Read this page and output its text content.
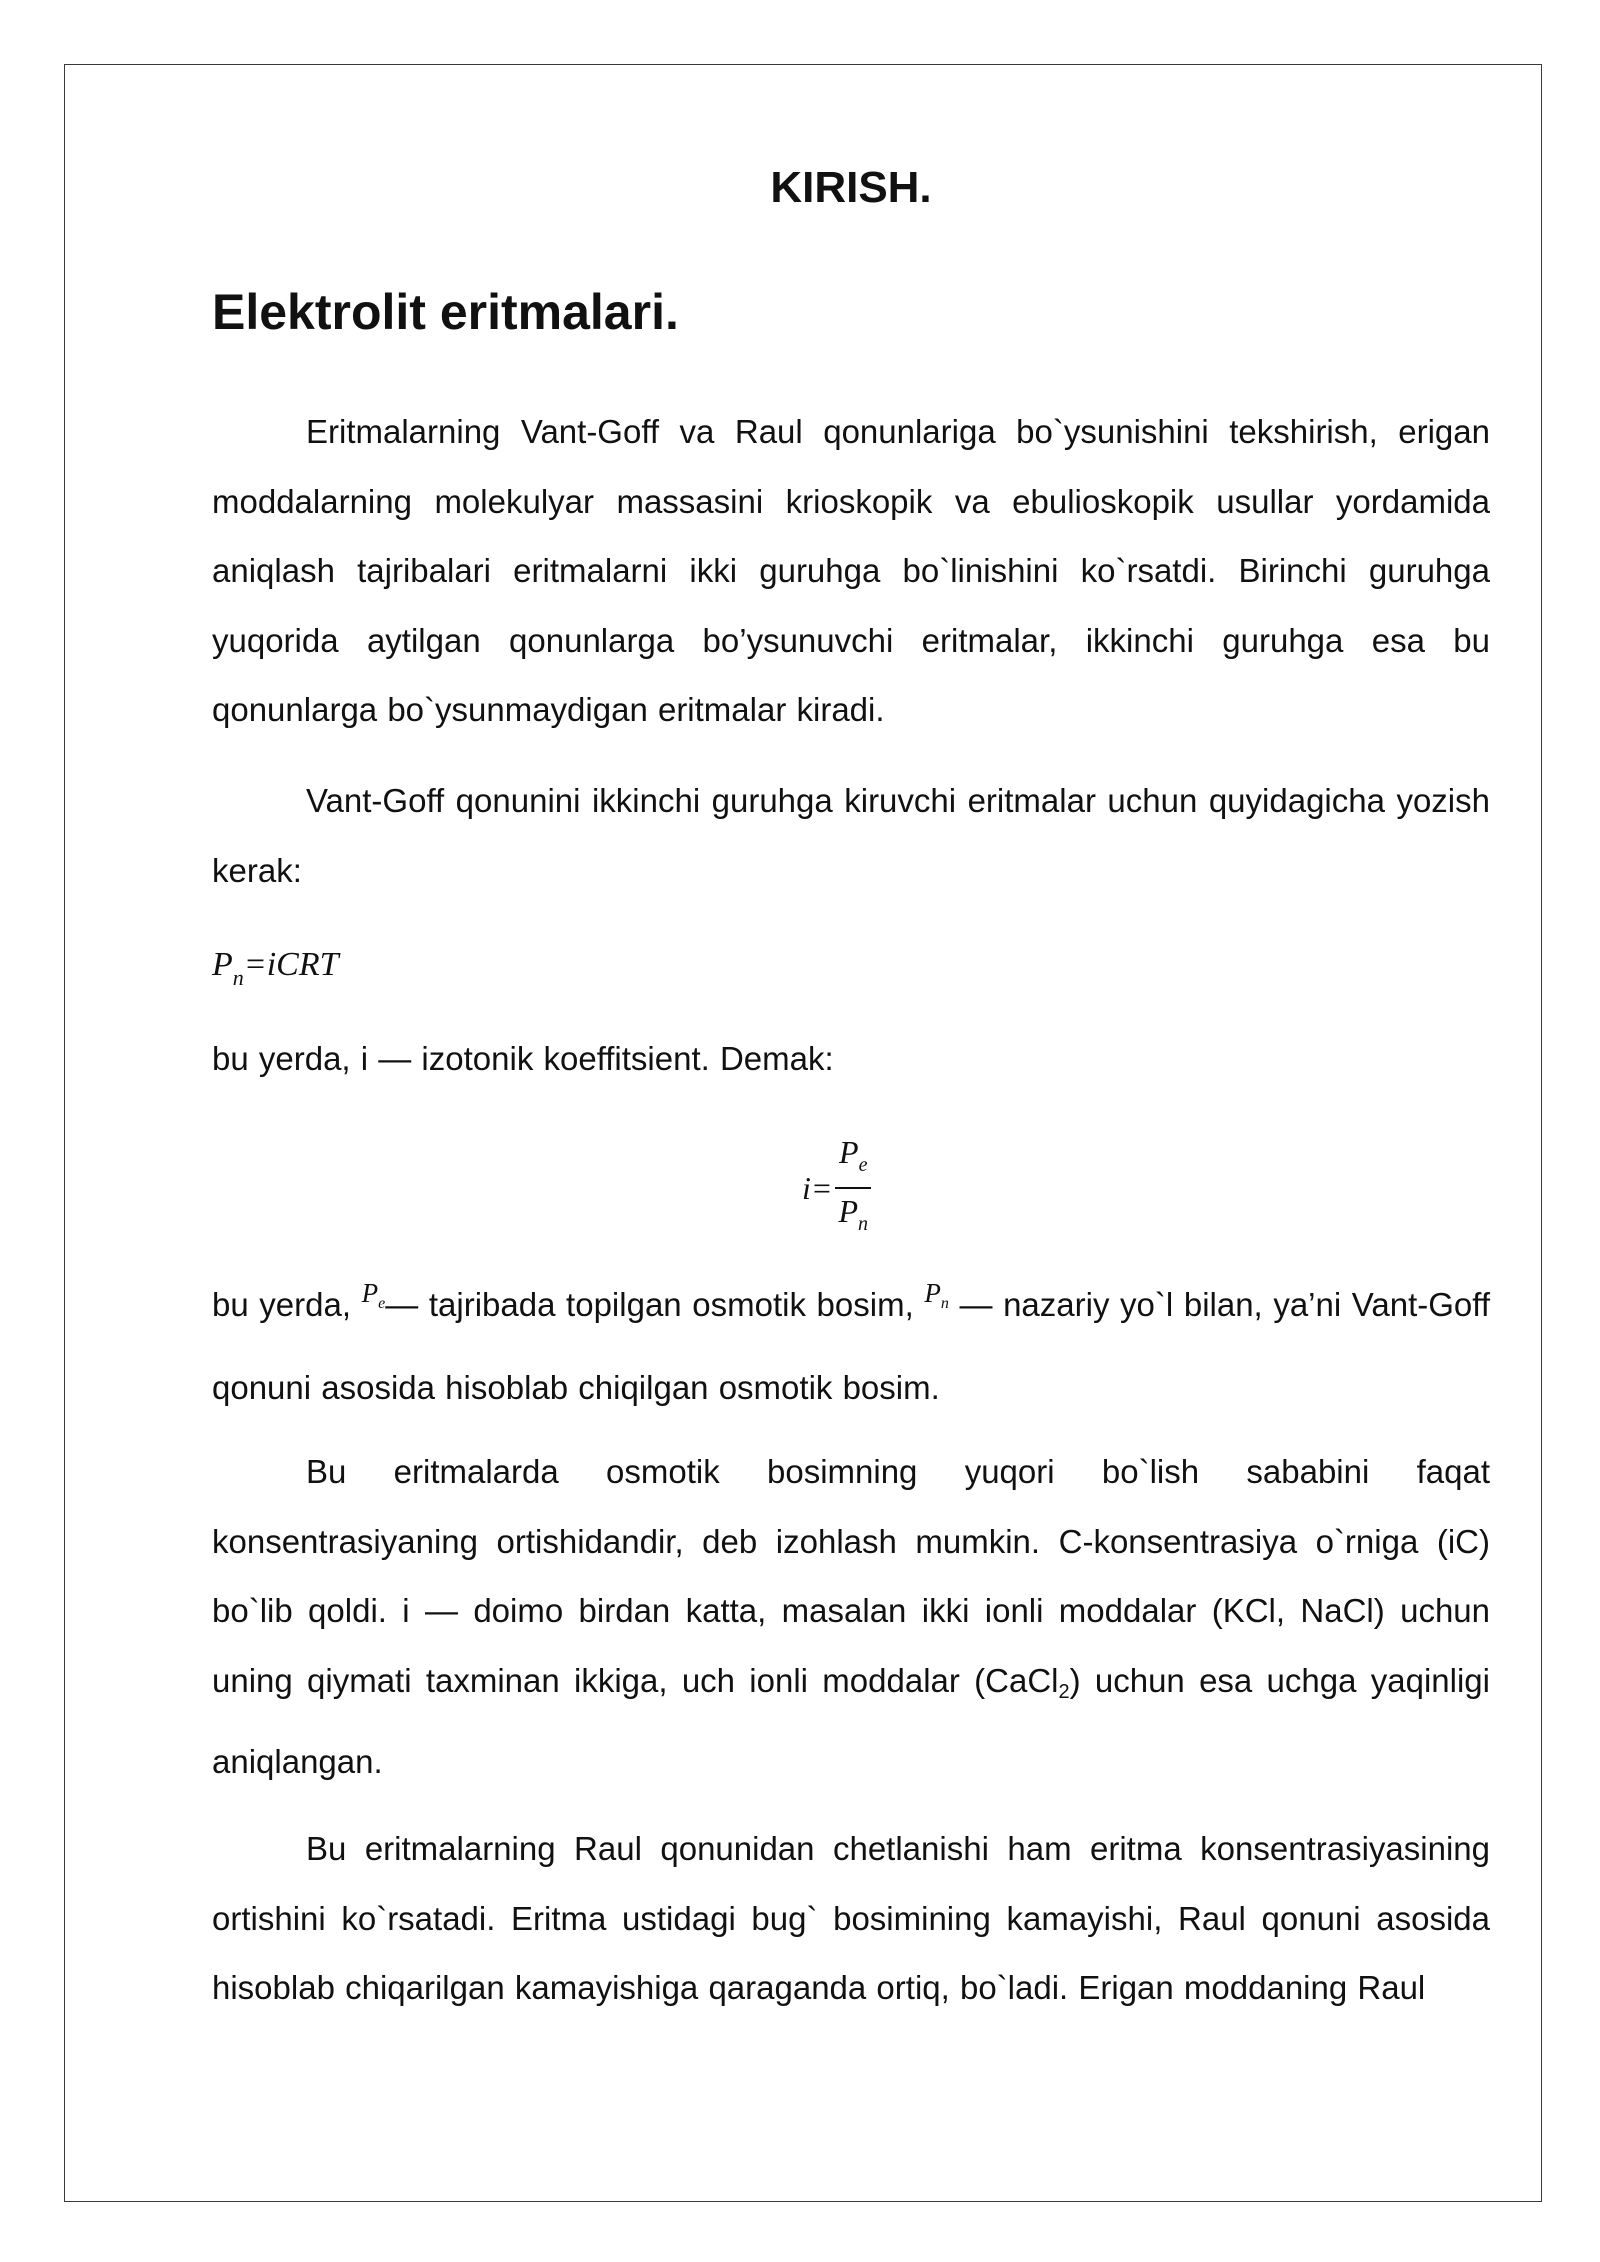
KIRISH.
Elektrolit eritmalari.

Eritmalarning Vant-Goff va Raul qonunlariga bo`ysunishini tekshirish, erigan moddalarning molekulyar massasini krioskopik va ebulioskopik usullar yordamida aniqlash tajribalari eritmalarni ikki guruhga bo`linishini ko`rsatdi. Birinchi guruhga yuqorida aytilgan qonunlarga bo’ysunuvchi eritmalar, ikkinchi guruhga esa bu qonunlarga bo`ysunmaydigan eritmalar kiradi.

Vant-Goff qonunini ikkinchi guruhga kiruvchi eritmalar uchun quyidagicha yozish kerak:

$P_n=iCRT$

bu yerda, i — izotonik koeffitsient. Demak:

$i= \frac{P_e}{P_n}$

bu yerda, $^{P_e}$— tajribada topilgan osmotik bosim, $^{P_n}$ — nazariy yo`l bilan, ya’ni Vant-Goff qonuni asosida hisoblab chiqilgan osmotik bosim.

Bu eritmalarda osmotik bosimning yuqori bo`lish sababini faqat konsentrasiyaning ortishidandir, deb izohlash mumkin. C-konsentrasiya o`rniga (iC) bo`lib qoldi. i — doimo birdan katta, masalan ikki ionli moddalar (KCl, NaCl) uchun uning qiymati taxminan ikkiga, uch ionli moddalar (CaCl$_2$) uchun esa uchga yaqinligi aniqlangan.

Bu eritmalarning Raul qonunidan chetlanishi ham eritma konsentrasiyasining ortishini ko`rsatadi. Eritma ustidagi bug` bosimining kamayishi, Raul qonuni asosida hisoblab chiqarilgan kamayishiga qaraganda ortiq, bo`ladi. Erigan moddaning Raul
